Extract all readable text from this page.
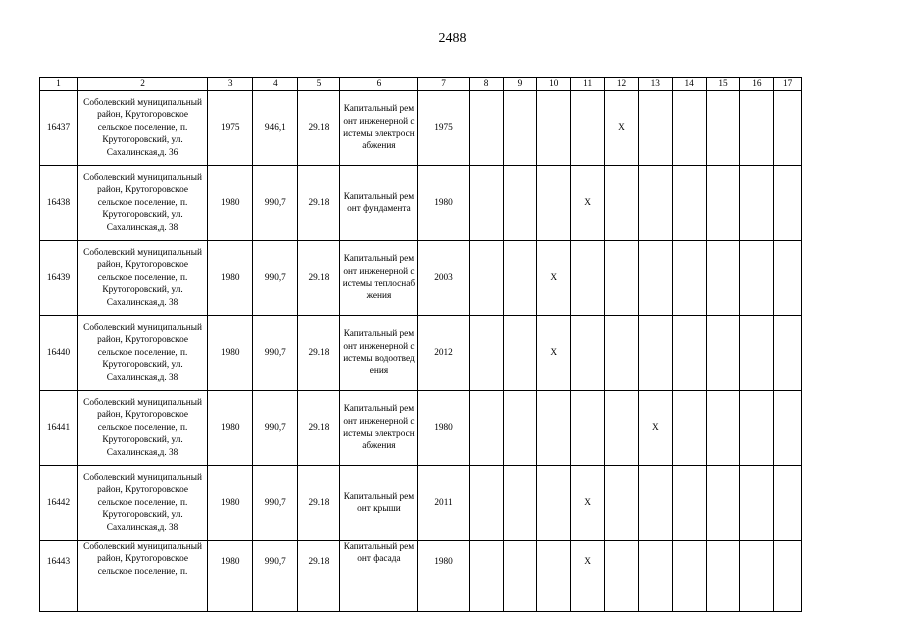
2488
1	2	3	4	5	6	7	8	9	10	11	12	13	14	15	16	17
16437	Соболевский муниципальный район, Крутогоровское сельское поселение, п. Крутогоровский, ул. Сахалинская,д. 36	1975	946,1	29.18	Капитальный ремонт инженерной системы электроснабжения	1975					X					
16438	Соболевский муниципальный район, Крутогоровское сельское поселение, п. Крутогоровский, ул. Сахалинская,д. 38	1980	990,7	29.18	Капитальный ремонт фундамента	1980				X						
16439	Соболевский муниципальный район, Крутогоровское сельское поселение, п. Крутогоровский, ул. Сахалинская,д. 38	1980	990,7	29.18	Капитальный ремонт инженерной системы теплоснабжения	2003			X							
16440	Соболевский муниципальный район, Крутогоровское сельское поселение, п. Крутогоровский, ул. Сахалинская,д. 38	1980	990,7	29.18	Капитальный ремонт инженерной системы водоотведения	2012			X							
16441	Соболевский муниципальный район, Крутогоровское сельское поселение, п. Крутогоровский, ул. Сахалинская,д. 38	1980	990,7	29.18	Капитальный ремонт инженерной системы электроснабжения	1980						X				
16442	Соболевский муниципальный район, Крутогоровское сельское поселение, п. Крутогоровский, ул. Сахалинская,д. 38	1980	990,7	29.18	Капитальный ремонт крыши	2011				X						
16443	Соболевский муниципальный район, Крутогоровское сельское поселение, п.	1980	990,7	29.18	Капитальный ремонт фасада	1980				X						
